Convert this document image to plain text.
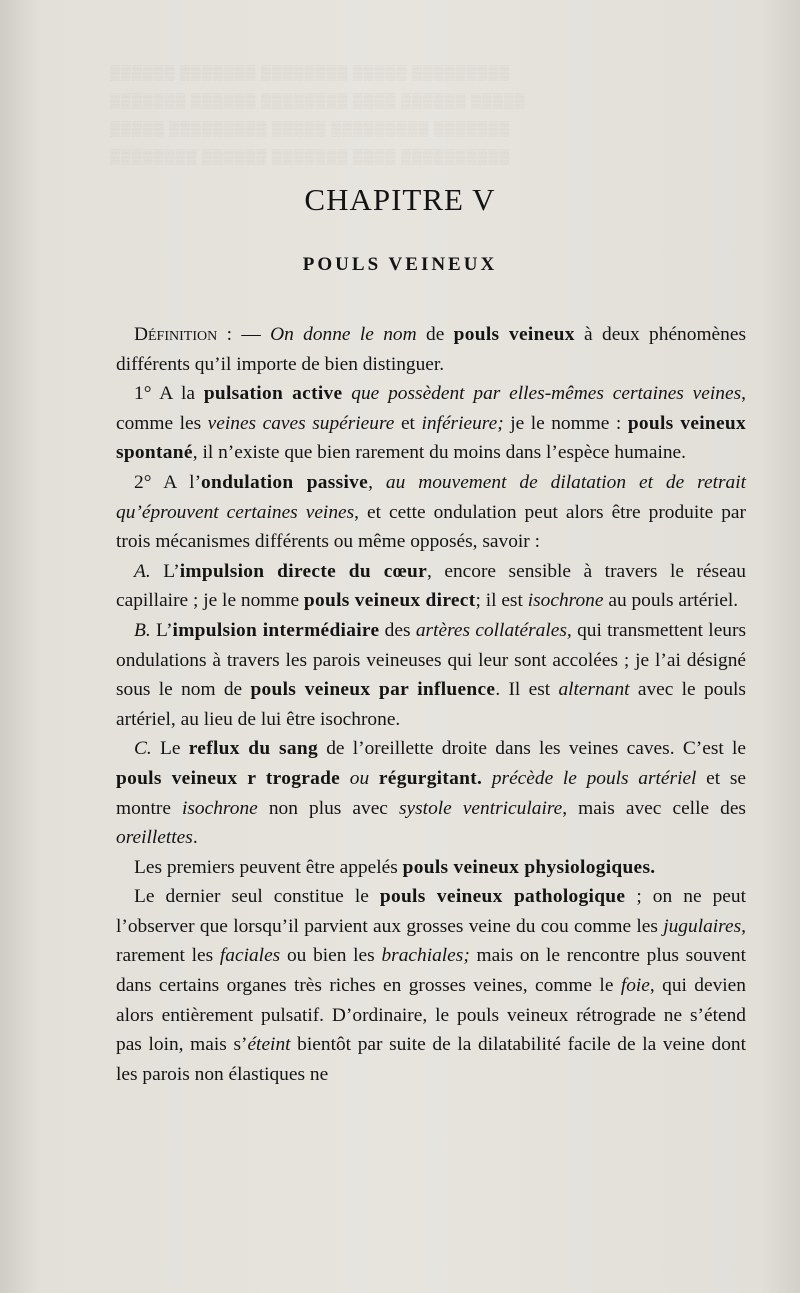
▒▒▒▒▒▒ ▒▒▒▒▒▒▒ ▒▒▒▒▒▒▒▒ ▒▒▒▒▒ ▒▒▒▒▒▒▒▒▒
▒▒▒▒▒▒▒ ▒▒▒▒▒▒ ▒▒▒▒▒▒▒▒ ▒▒▒▒ ▒▒▒▒▒▒ ▒▒▒▒▒
▒▒▒▒▒ ▒▒▒▒▒▒▒▒▒ ▒▒▒▒▒ ▒▒▒▒▒▒▒▒▒ ▒▒▒▒▒▒▒
▒▒▒▒▒▒▒▒ ▒▒▒▒▒▒ ▒▒▒▒▒▒▒ ▒▒▒▒ ▒▒▒▒▒▒▒▒▒▒
CHAPITRE V
POULS VEINEUX

Définition : — On donne le nom de pouls veineux à deux phénomènes différents qu’il importe de bien distinguer.

1° A la pulsation active que possèdent par elles-mêmes certaines veines, comme les veines caves supérieure et inférieure; je le nomme : pouls veineux spontané, il n’existe que bien rarement du moins dans l’espèce humaine.

2° A l’ondulation passive, au mouvement de dilatation et de retrait qu’éprouvent certaines veines, et cette ondulation peut alors être produite par trois mécanismes différents ou même opposés, savoir :

A. L’impulsion directe du cœur, encore sensible à travers le réseau capillaire ; je le nomme pouls veineux direct; il est isochrone au pouls artériel.

B. L’impulsion intermédiaire des artères collatérales, qui transmettent leurs ondulations à travers les parois veineuses qui leur sont accolées ; je l’ai désigné sous le nom de pouls veineux par influence. Il est alternant avec le pouls artériel, au lieu de lui être isochrone.

C. Le reflux du sang de l’oreillette droite dans les veines caves. C’est le pouls veineux r trograde ou régurgitant. précède le pouls artériel et se montre isochrone non plus avec systole ventriculaire, mais avec celle des oreillettes.

Les premiers peuvent être appelés pouls veineux physiologiques.

Le dernier seul constitue le pouls veineux pathologique ; on ne peut l’observer que lorsqu’il parvient aux grosses veine du cou comme les jugulaires, rarement les faciales ou bien les brachiales; mais on le rencontre plus souvent dans certains organes très riches en grosses veines, comme le foie, qui devien alors entièrement pulsatif. D’ordinaire, le pouls veineux rétrograde ne s’étend pas loin, mais s’éteint bientôt par suite de la dilatabilité facile de la veine dont les parois non élastiques ne
